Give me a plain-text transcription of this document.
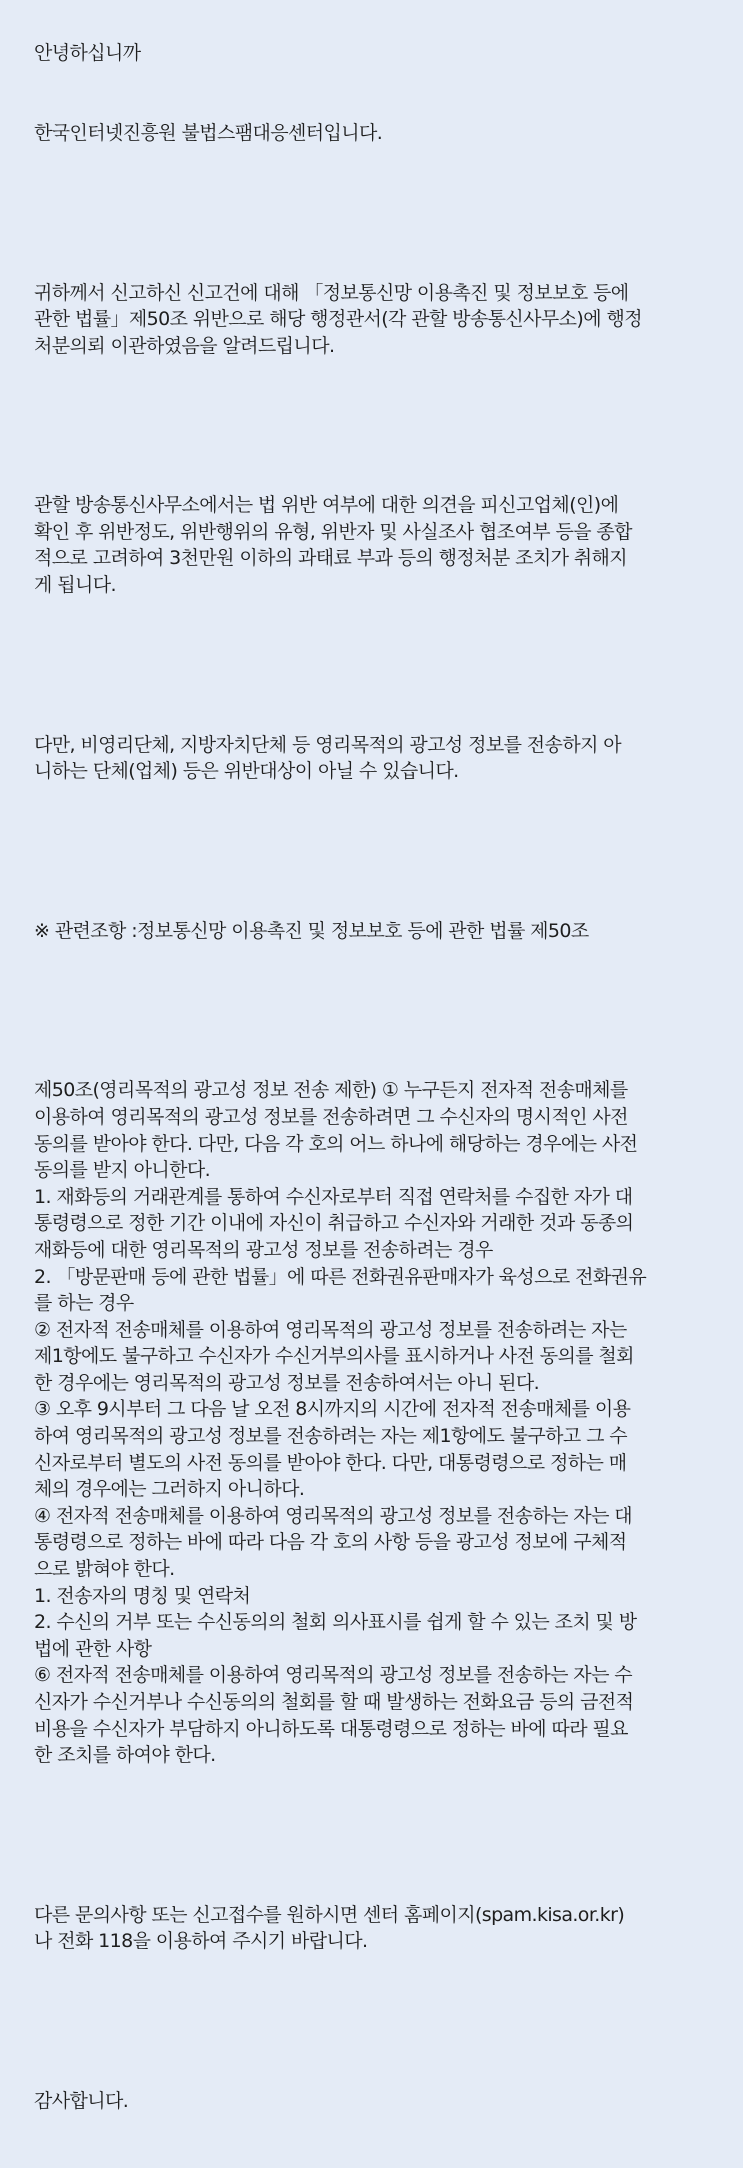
안녕하십니까

한국인터넷진흥원 불법스팸대응센터입니다.

귀하께서 신고하신 신고건에 대해 「정보통신망 이용촉진 및 정보보호 등에
관한 법률」제50조 위반으로 해당 행정관서(각 관할 방송통신사무소)에 행정
처분의뢰 이관하였음을 알려드립니다.

관할 방송통신사무소에서는 법 위반 여부에 대한 의견을 피신고업체(인)에
확인 후 위반정도, 위반행위의 유형, 위반자 및 사실조사 협조여부 등을 종합
적으로 고려하여 3천만원 이하의 과태료 부과 등의 행정처분 조치가 취해지
게 됩니다.

다만, 비영리단체, 지방자치단체 등 영리목적의 광고성 정보를 전송하지 아
니하는 단체(업체) 등은 위반대상이 아닐 수 있습니다.

※ 관련조항 :정보통신망 이용촉진 및 정보보호 등에 관한 법률 제50조

제50조(영리목적의 광고성 정보 전송 제한) ① 누구든지 전자적 전송매체를
이용하여 영리목적의 광고성 정보를 전송하려면 그 수신자의 명시적인 사전
동의를 받아야 한다. 다만, 다음 각 호의 어느 하나에 해당하는 경우에는 사전
동의를 받지 아니한다.
1. 재화등의 거래관계를 통하여 수신자로부터 직접 연락처를 수집한 자가 대
통령령으로 정한 기간 이내에 자신이 취급하고 수신자와 거래한 것과 동종의
재화등에 대한 영리목적의 광고성 정보를 전송하려는 경우
2. 「방문판매 등에 관한 법률」에 따른 전화권유판매자가 육성으로 전화권유
를 하는 경우
② 전자적 전송매체를 이용하여 영리목적의 광고성 정보를 전송하려는 자는
제1항에도 불구하고 수신자가 수신거부의사를 표시하거나 사전 동의를 철회
한 경우에는 영리목적의 광고성 정보를 전송하여서는 아니 된다.
③ 오후 9시부터 그 다음 날 오전 8시까지의 시간에 전자적 전송매체를 이용
하여 영리목적의 광고성 정보를 전송하려는 자는 제1항에도 불구하고 그 수
신자로부터 별도의 사전 동의를 받아야 한다. 다만, 대통령령으로 정하는 매
체의 경우에는 그러하지 아니하다.
④ 전자적 전송매체를 이용하여 영리목적의 광고성 정보를 전송하는 자는 대
통령령으로 정하는 바에 따라 다음 각 호의 사항 등을 광고성 정보에 구체적
으로 밝혀야 한다.
1. 전송자의 명칭 및 연락처
2. 수신의 거부 또는 수신동의의 철회 의사표시를 쉽게 할 수 있는 조치 및 방
법에 관한 사항
⑥ 전자적 전송매체를 이용하여 영리목적의 광고성 정보를 전송하는 자는 수
신자가 수신거부나 수신동의의 철회를 할 때 발생하는 전화요금 등의 금전적
비용을 수신자가 부담하지 아니하도록 대통령령으로 정하는 바에 따라 필요
한 조치를 하여야 한다.

다른 문의사항 또는 신고접수를 원하시면 센터 홈페이지(spam.kisa.or.kr)
나 전화 118을 이용하여 주시기 바랍니다.

감사합니다.
